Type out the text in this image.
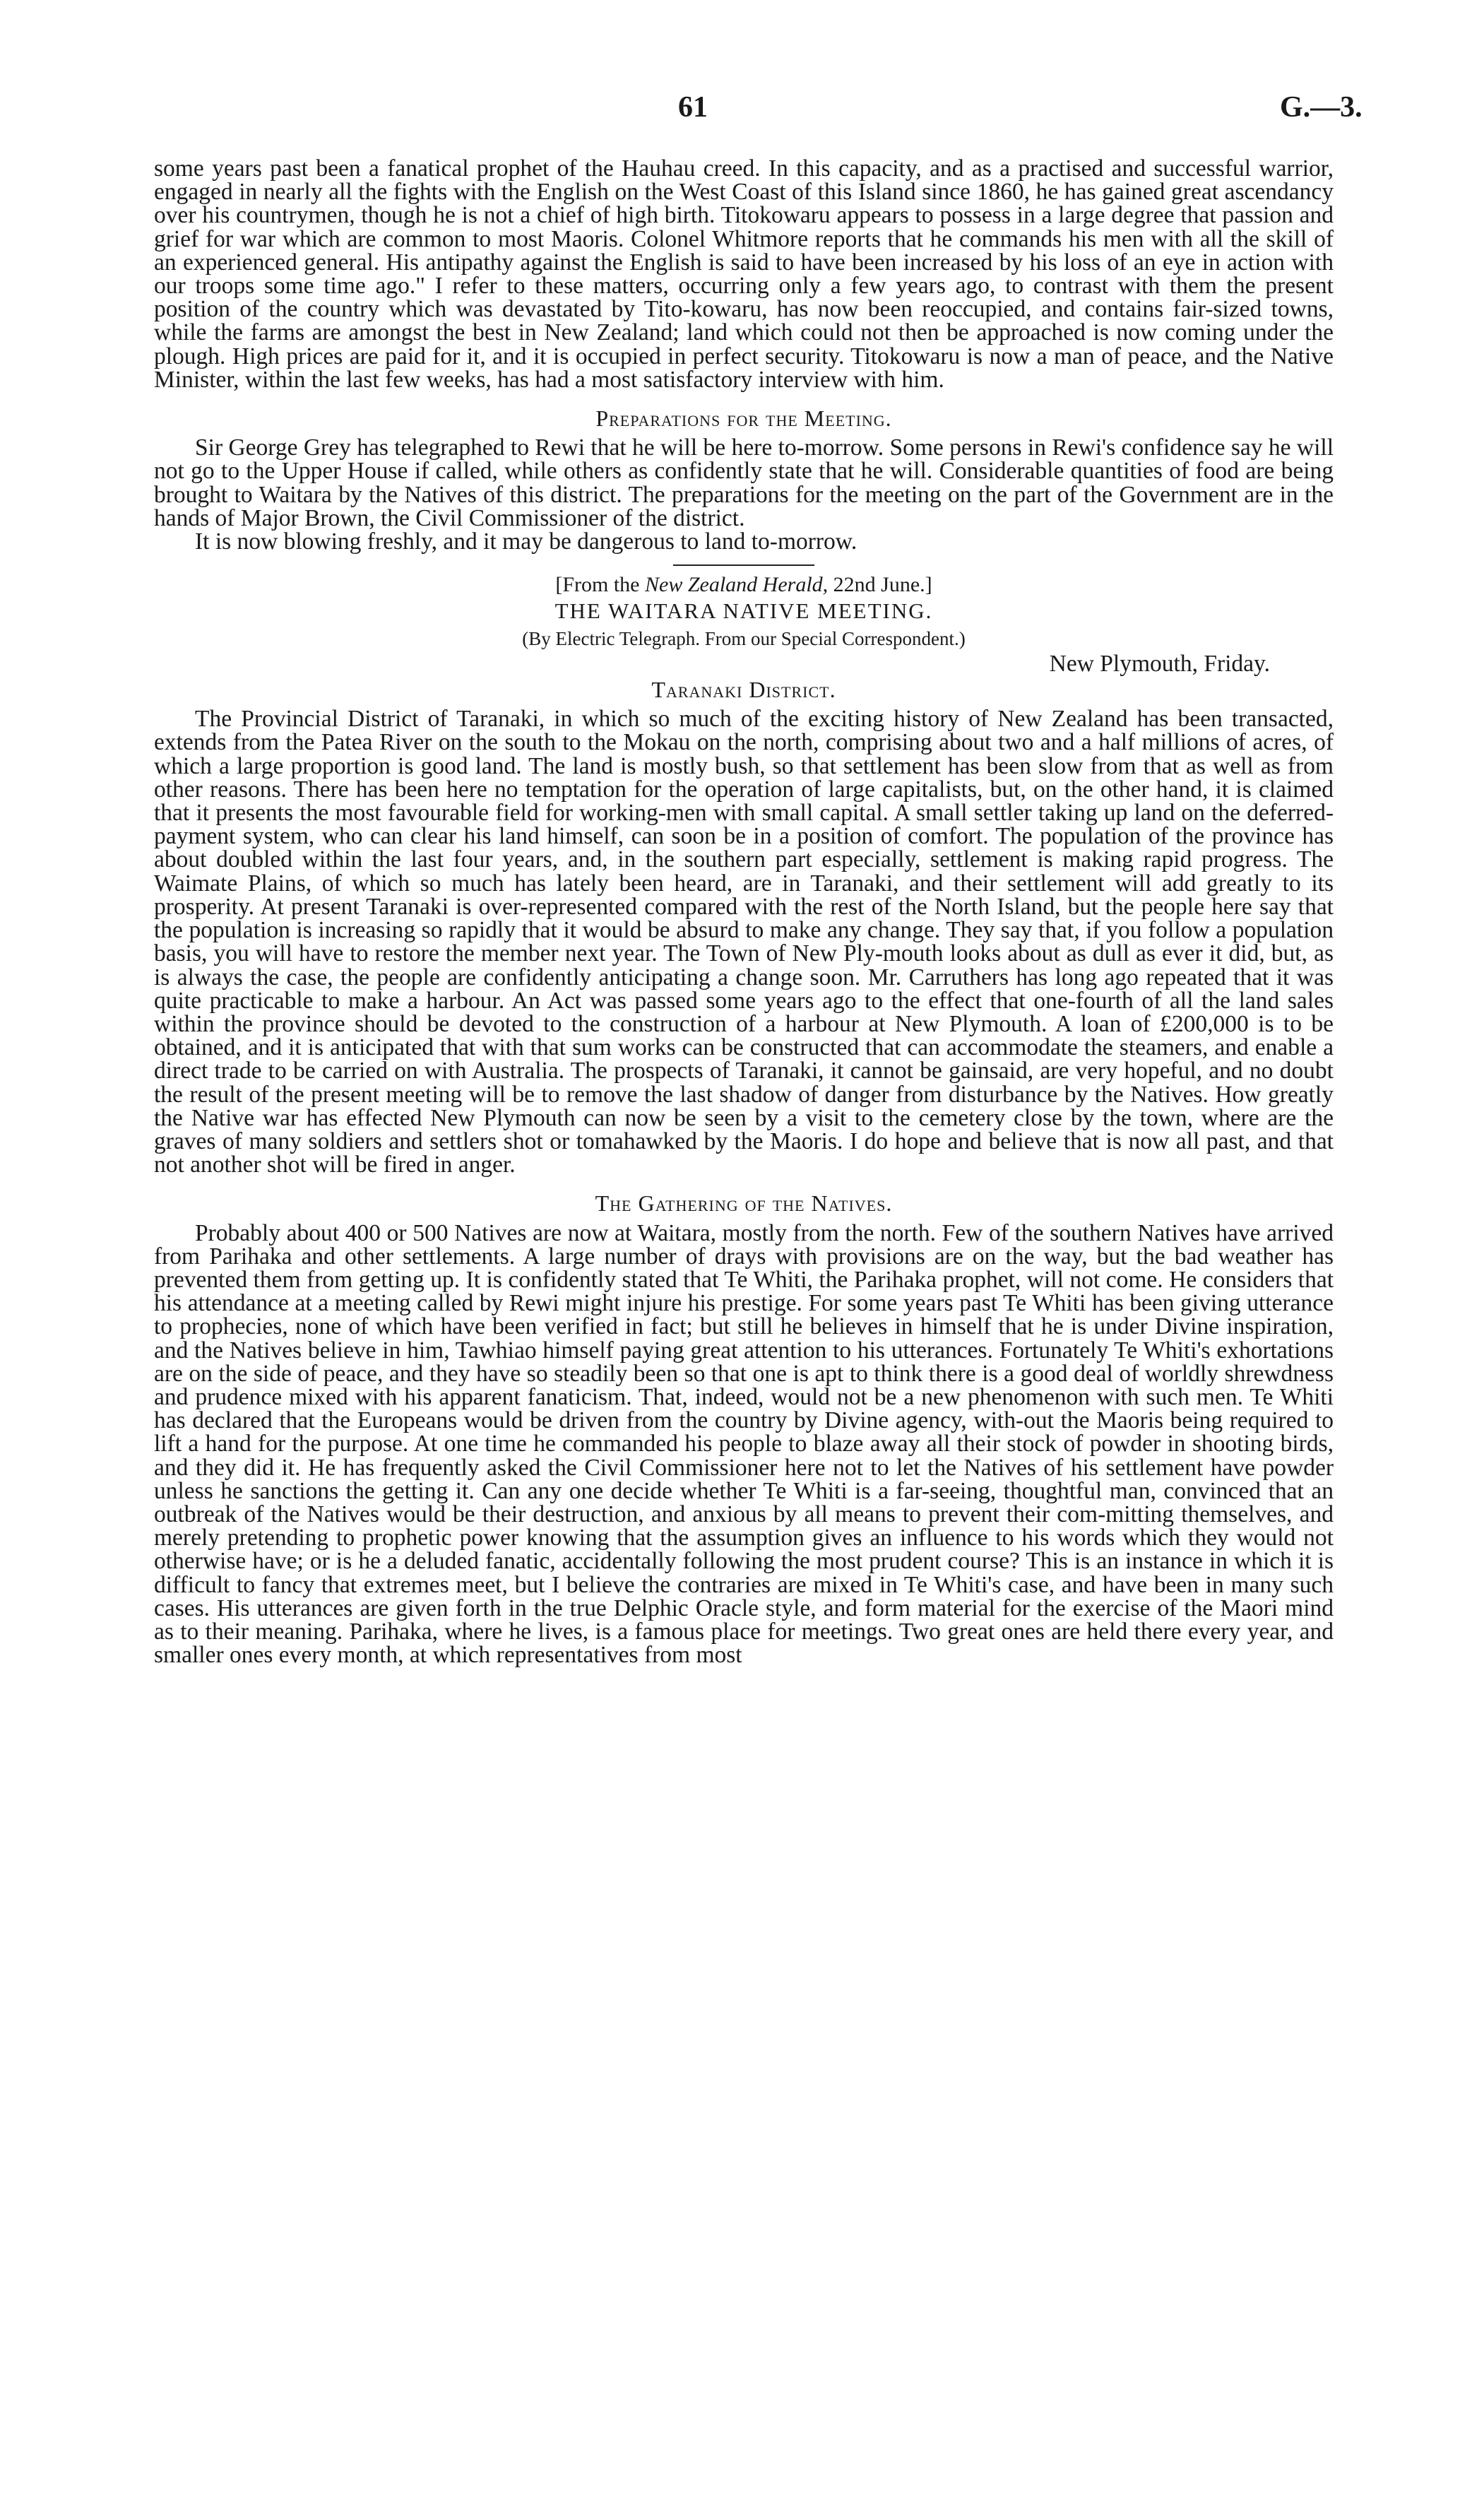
61	G.—3.

some years past been a fanatical prophet of the Hauhau creed. In this capacity, and as a practised and successful warrior, engaged in nearly all the fights with the English on the West Coast of this Island since 1860, he has gained great ascendancy over his countrymen, though he is not a chief of high birth. Titokowaru appears to possess in a large degree that passion and grief for war which are common to most Maoris. Colonel Whitmore reports that he commands his men with all the skill of an experienced general. His antipathy against the English is said to have been increased by his loss of an eye in action with our troops some time ago." I refer to these matters, occurring only a few years ago, to contrast with them the present position of the country which was devastated by Tito-kowaru, has now been reoccupied, and contains fair-sized towns, while the farms are amongst the best in New Zealand; land which could not then be approached is now coming under the plough. High prices are paid for it, and it is occupied in perfect security. Titokowaru is now a man of peace, and the Native Minister, within the last few weeks, has had a most satisfactory interview with him.

Preparations for the Meeting.

Sir George Grey has telegraphed to Rewi that he will be here to-morrow. Some persons in Rewi's confidence say he will not go to the Upper House if called, while others as confidently state that he will. Considerable quantities of food are being brought to Waitara by the Natives of this district. The preparations for the meeting on the part of the Government are in the hands of Major Brown, the Civil Commissioner of the district.

It is now blowing freshly, and it may be dangerous to land to-morrow.

[From the New Zealand Herald, 22nd June.]
THE WAITARA NATIVE MEETING.
(By Electric Telegraph. From our Special Correspondent.)
New Plymouth, Friday.
Taranaki District.

The Provincial District of Taranaki, in which so much of the exciting history of New Zealand has been transacted, extends from the Patea River on the south to the Mokau on the north, comprising about two and a half millions of acres, of which a large proportion is good land. The land is mostly bush, so that settlement has been slow from that as well as from other reasons. There has been here no temptation for the operation of large capitalists, but, on the other hand, it is claimed that it presents the most favourable field for working-men with small capital. A small settler taking up land on the deferred-payment system, who can clear his land himself, can soon be in a position of comfort. The population of the province has about doubled within the last four years, and, in the southern part especially, settlement is making rapid progress. The Waimate Plains, of which so much has lately been heard, are in Taranaki, and their settlement will add greatly to its prosperity. At present Taranaki is over-represented compared with the rest of the North Island, but the people here say that the population is increasing so rapidly that it would be absurd to make any change. They say that, if you follow a population basis, you will have to restore the member next year. The Town of New Ply-mouth looks about as dull as ever it did, but, as is always the case, the people are confidently anticipating a change soon. Mr. Carruthers has long ago repeated that it was quite practicable to make a harbour. An Act was passed some years ago to the effect that one-fourth of all the land sales within the province should be devoted to the construction of a harbour at New Plymouth. A loan of £200,000 is to be obtained, and it is anticipated that with that sum works can be constructed that can accommodate the steamers, and enable a direct trade to be carried on with Australia. The prospects of Taranaki, it cannot be gainsaid, are very hopeful, and no doubt the result of the present meeting will be to remove the last shadow of danger from disturbance by the Natives. How greatly the Native war has effected New Plymouth can now be seen by a visit to the cemetery close by the town, where are the graves of many soldiers and settlers shot or tomahawked by the Maoris. I do hope and believe that is now all past, and that not another shot will be fired in anger.

The Gathering of the Natives.

Probably about 400 or 500 Natives are now at Waitara, mostly from the north. Few of the southern Natives have arrived from Parihaka and other settlements. A large number of drays with provisions are on the way, but the bad weather has prevented them from getting up. It is confidently stated that Te Whiti, the Parihaka prophet, will not come. He considers that his attendance at a meeting called by Rewi might injure his prestige. For some years past Te Whiti has been giving utterance to prophecies, none of which have been verified in fact; but still he believes in himself that he is under Divine inspiration, and the Natives believe in him, Tawhiao himself paying great attention to his utterances. Fortunately Te Whiti's exhortations are on the side of peace, and they have so steadily been so that one is apt to think there is a good deal of worldly shrewdness and prudence mixed with his apparent fanaticism. That, indeed, would not be a new phenomenon with such men. Te Whiti has declared that the Europeans would be driven from the country by Divine agency, with-out the Maoris being required to lift a hand for the purpose. At one time he commanded his people to blaze away all their stock of powder in shooting birds, and they did it. He has frequently asked the Civil Commissioner here not to let the Natives of his settlement have powder unless he sanctions the getting it. Can any one decide whether Te Whiti is a far-seeing, thoughtful man, convinced that an outbreak of the Natives would be their destruction, and anxious by all means to prevent their com-mitting themselves, and merely pretending to prophetic power knowing that the assumption gives an influence to his words which they would not otherwise have; or is he a deluded fanatic, accidentally following the most prudent course? This is an instance in which it is difficult to fancy that extremes meet, but I believe the contraries are mixed in Te Whiti's case, and have been in many such cases. His utterances are given forth in the true Delphic Oracle style, and form material for the exercise of the Maori mind as to their meaning. Parihaka, where he lives, is a famous place for meetings. Two great ones are held there every year, and smaller ones every month, at which representatives from most
